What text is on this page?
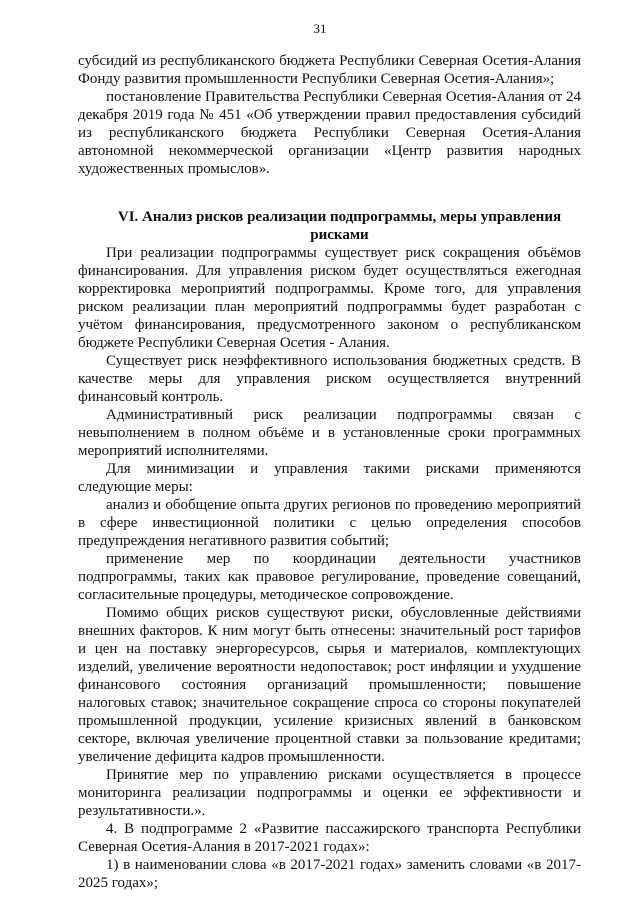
31

субсидий из республиканского бюджета Республики Северная Осетия-Алания Фонду развития промышленности Республики Северная Осетия-Алания»;

постановление Правительства Республики Северная Осетия-Алания от 24 декабря 2019 года № 451 «Об утверждении правил предоставления субсидий из республиканского бюджета Республики Северная Осетия-Алания автономной некоммерческой организации «Центр развития народных художественных промыслов».

VI. Анализ рисков реализации подпрограммы, меры управления рисками

При реализации подпрограммы существует риск сокращения объёмов финансирования. Для управления риском будет осуществляться ежегодная корректировка мероприятий подпрограммы. Кроме того, для управления риском реализации план мероприятий подпрограммы будет разработан с учётом финансирования, предусмотренного законом о республиканском бюджете Республики Северная Осетия - Алания.

Существует риск неэффективного использования бюджетных средств. В качестве меры для управления риском осуществляется внутренний финансовый контроль.

Административный риск реализации подпрограммы связан с невыполнением в полном объёме и в установленные сроки программных мероприятий исполнителями.

Для минимизации и управления такими рисками применяются следующие меры:

анализ и обобщение опыта других регионов по проведению мероприятий в сфере инвестиционной политики с целью определения способов предупреждения негативного развития событий;

применение мер по координации деятельности участников подпрограммы, таких как правовое регулирование, проведение совещаний, согласительные процедуры, методическое сопровождение.

Помимо общих рисков существуют риски, обусловленные действиями внешних факторов. К ним могут быть отнесены: значительный рост тарифов и цен на поставку энергоресурсов, сырья и материалов, комплектующих изделий, увеличение вероятности недопоставок; рост инфляции и ухудшение финансового состояния организаций промышленности; повышение налоговых ставок; значительное сокращение спроса со стороны покупателей промышленной продукции, усиление кризисных явлений в банковском секторе, включая увеличение процентной ставки за пользование кредитами; увеличение дефицита кадров промышленности.

Принятие мер по управлению рисками осуществляется в процессе мониторинга реализации подпрограммы и оценки ее эффективности и результативности.».

4. В подпрограмме 2 «Развитие пассажирского транспорта Республики Северная Осетия-Алания в 2017-2021 годах»:

1) в наименовании слова «в 2017-2021 годах» заменить словами «в 2017-2025 годах»;
